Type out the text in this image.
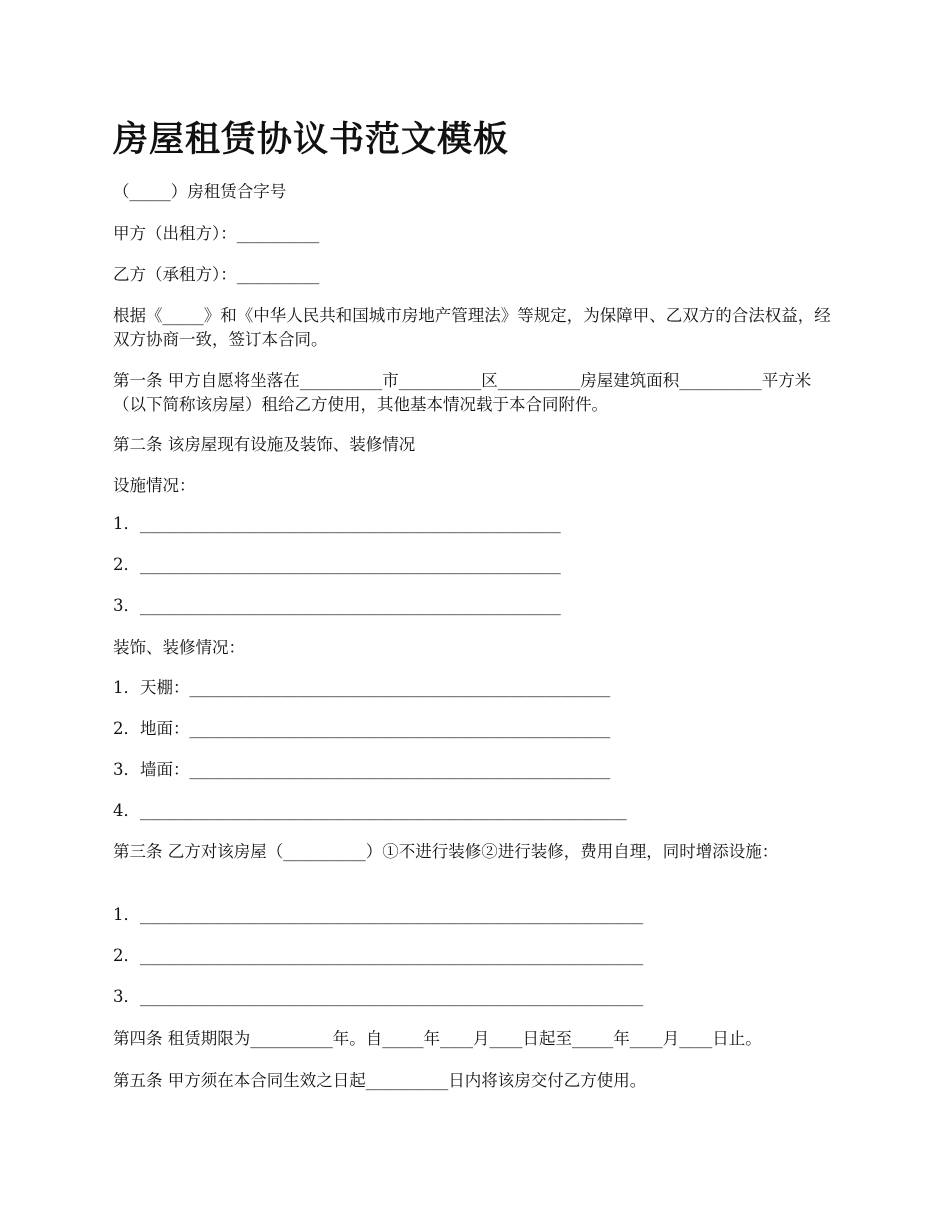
房屋租赁协议书范文模板

（_____）房租赁合字号

甲方（出租方）：__________

乙方（承租方）：__________

根据《_____》和《中华人民共和国城市房地产管理法》等规定，为保障甲、乙双方的合法权益，经双方协商一致，签订本合同。

第一条 甲方自愿将坐落在__________市__________区__________房屋建筑面积__________平方米（以下简称该房屋）租给乙方使用，其他基本情况载于本合同附件。

第二条 该房屋现有设施及装饰、装修情况

设施情况：

1．___________________________________________________

2．___________________________________________________

3．___________________________________________________

装饰、装修情况：

1．天棚：___________________________________________________

2．地面：___________________________________________________

3．墙面：___________________________________________________

4．___________________________________________________________

第三条 乙方对该房屋（__________）①不进行装修②进行装修，费用自理，同时增添设施：

1．_____________________________________________________________

2．_____________________________________________________________

3．_____________________________________________________________

第四条 租赁期限为__________年。自_____年____月____日起至_____年____月____日止。

第五条 甲方须在本合同生效之日起__________日内将该房交付乙方使用。
